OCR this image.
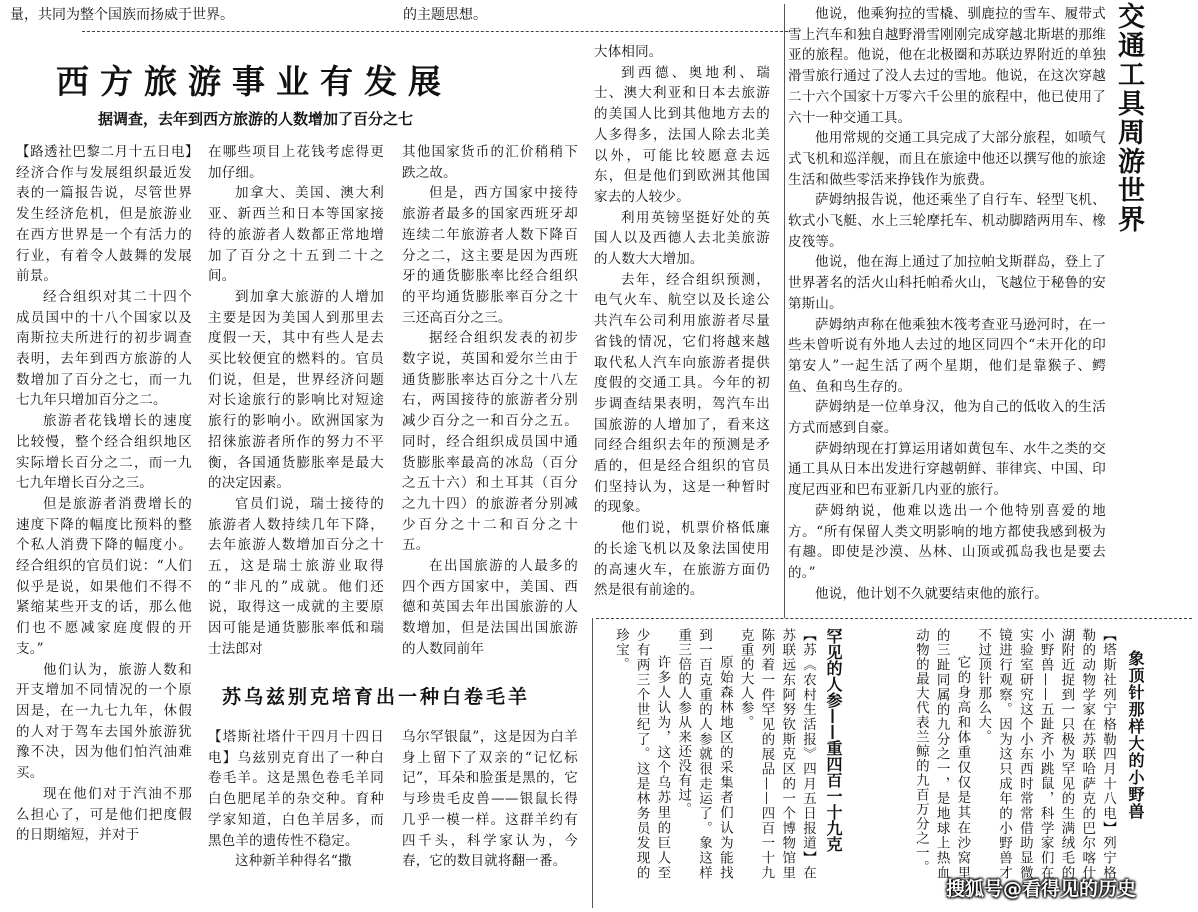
量，共同为整个国族而扬威于世界。	的主题思想。
西方旅游事业有发展
据调查，去年到西方旅游的人数增加了百分之七

【路透社巴黎二月十五日电】经济合作与发展组织最近发表的一篇报告说，尽管世界发生经济危机，但是旅游业在西方世界是一个有活力的行业，有着令人鼓舞的发展前景。

经合组织对其二十四个成员国中的十八个国家以及南斯拉夫所进行的初步调查表明，去年到西方旅游的人数增加了百分之七，而一九七九年只增加百分之二。

旅游者花钱增长的速度比较慢，整个经合组织地区实际增长百分之二，而一九七九年增长百分之三。

但是旅游者消费增长的速度下降的幅度比预料的整个私人消费下降的幅度小。经合组织的官员们说：“人们似乎是说，如果他们不得不紧缩某些开支的话，那么他们也不愿减家庭度假的开支。”

他们认为，旅游人数和开支增加不同情况的一个原因是，在一九七九年，休假的人对于驾车去国外旅游犹豫不决，因为他们怕汽油难买。

现在他们对于汽油不那么担心了，可是他们把度假的日期缩短，并对于

在哪些项目上花钱考虑得更加仔细。

加拿大、美国、澳大利亚、新西兰和日本等国家接待的旅游者人数都正常地增加了百分之十五到二十之间。

到加拿大旅游的人增加主要是因为美国人到那里去度假一天，其中有些人是去买比较便宜的燃料的。官员们说，但是，世界经济问题对长途旅行的影响比对短途旅行的影响小。欧洲国家为招徕旅游者所作的努力不平衡，各国通货膨胀率是最大的决定因素。

官员们说，瑞士接待的旅游者人数持续几年下降，去年旅游人数增加百分之十五，这是瑞士旅游业取得的“非凡的”成就。他们还说，取得这一成就的主要原因可能是通货膨胀率低和瑞士法郎对

其他国家货币的汇价稍稍下跌之故。

但是，西方国家中接待旅游者最多的国家西班牙却连续二年旅游者人数下降百分之二，这主要是因为西班牙的通货膨胀率比经合组织的平均通货膨胀率百分之十三还高百分之三。

据经合组织发表的初步数字说，英国和爱尔兰由于通货膨胀率达百分之十八左右，两国接待的旅游者分别减少百分之一和百分之五。同时，经合组织成员国中通货膨胀率最高的冰岛（百分之五十六）和土耳其（百分之九十四）的旅游者分别减少百分之十二和百分之十五。

在出国旅游的人最多的四个西方国家中，美国、西德和英国去年出国旅游的人数增加，但是法国出国旅游的人数同前年

大体相同。

到西德、奥地利、瑞士、澳大利亚和日本去旅游的美国人比到其他地方去的人多得多，法国人除去北美以外，可能比较愿意去远东，但是他们到欧洲其他国家去的人较少。

利用英镑坚挺好处的英国人以及西德人去北美旅游的人数大大增加。

去年，经合组织预测，电气火车、航空以及长途公共汽车公司利用旅游者尽量省钱的情况，它们将越来越取代私人汽车向旅游者提供度假的交通工具。今年的初步调查结果表明，驾汽车出国旅游的人增加了，看来这同经合组织去年的预测是矛盾的，但是经合组织的官员们坚持认为，这是一种暂时的现象。

他们说，机票价格低廉的长途飞机以及象法国使用的高速火车，在旅游方面仍然是很有前途的。

苏乌兹别克培育出一种白卷毛羊

【塔斯社塔什干四月十四日电】乌兹别克育出了一种白卷毛羊。这是黑色卷毛羊同白色肥尾羊的杂交种。育种学家知道，白色羊居多，而黑色羊的遗传性不稳定。

这种新羊种得名“撒

乌尔罕银鼠”，这是因为白羊身上留下了双亲的“记忆标记”，耳朵和脸蛋是黑的，它与珍贵毛皮兽——银鼠长得几乎一模一样。这群羊约有四千头，科学家认为，今春，它的数目就将翻一番。

交通工具周游世界

他说，他乘狗拉的雪橇、驯鹿拉的雪车、履带式雪上汽车和独自越野滑雪刚刚完成穿越北斯堪的那维亚的旅程。他说，他在北极圈和苏联边界附近的单独滑雪旅行通过了没人去过的雪地。他说，在这次穿越二十六个国家十万零六千公里的旅程中，他已使用了六十一种交通工具。

他用常规的交通工具完成了大部分旅程，如喷气式飞机和巡洋舰，而且在旅途中他还以撰写他的旅途生活和做些零活来挣钱作为旅费。

萨姆纳报告说，他还乘坐了自行车、轻型飞机、软式小飞艇、水上三轮摩托车、机动脚踏两用车、橡皮筏等。

他说，他在海上通过了加拉帕戈斯群岛，登上了世界著名的活火山科托帕希火山，飞越位于秘鲁的安第斯山。

萨姆纳声称在他乘独木筏考查亚马逊河时，在一些未曾听说有外地人去过的地区同四个“未开化的印第安人”一起生活了两个星期，他们是靠猴子、鳄鱼、鱼和鸟生存的。

萨姆纳是一位单身汉，他为自己的低收入的生活方式而感到自豪。

萨姆纳现在打算运用诸如黄包车、水牛之类的交通工具从日本出发进行穿越朝鲜、菲律宾、中国、印度尼西亚和巴布亚新几内亚的旅行。

萨姆纳说，他难以选出一个他特别喜爱的地方。“所有保留人类文明影响的地方都使我感到极为有趣。即使是沙漠、丛林、山顶或孤岛我也是要去的。”

他说，他计划不久就要结束他的旅行。

象顶针那样大的小野兽

【塔斯社列宁格勒四月十八电】列宁格勒的动物学家在苏联哈萨克的巴尔喀什湖附近捉到一只极为罕见的生满绒毛的小野兽——五趾齐小跳鼠，科学家们在实验室研究这个小东西时常常借助显微镜进行观察。因为这只成年的小野兽才不过顶针那么大。

它的身高和体重仅仅是其在沙窝里的三趾同属的九分之一，是地球上热血动物的最大代表兰鲸的九百万分之一。

罕见的人参——重四百一十九克

【苏《农村生活报》四月五日报道】在苏联远东阿努钦斯克区的一个博物馆里陈列着一件罕见的展品——四百一十九克重的大人参。

原始森林地区的采集者们认为能找到一百克重的人参就很走运了。象这样重三倍的人参从来还没有过。

许多人认为，这个乌苏里的巨人至少有两三个世纪了。这是林务员发现的珍宝。

搜狐号@看得见的历史
